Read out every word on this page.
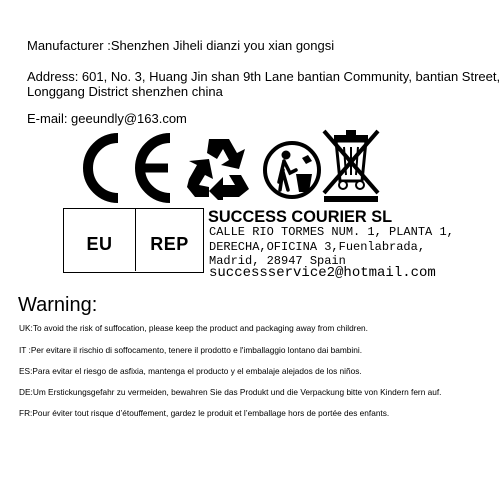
Manufacturer :Shenzhen Jiheli dianzi you xian gongsi
Address: 601, No. 3, Huang Jin shan 9th Lane bantian Community, bantian Street,
Longgang District shenzhen china
E-mail: geeundly@163.com
EU REP
SUCCESS COURIER SL
CALLE RIO TORMES NUM. 1, PLANTA 1,
DERECHA,OFICINA 3,Fuenlabrada,
Madrid, 28947 Spain
successservice2@hotmail.com
Warning:
UK:To avoid the risk of suffocation, please keep the product and packaging away from children.
IT :Per evitare il rischio di soffocamento, tenere il prodotto e l'imballaggio lontano dai bambini.
ES:Para evitar el riesgo de asfixia, mantenga el producto y el embalaje alejados de los niños.
DE:Um Erstickungsgefahr zu vermeiden, bewahren Sie das Produkt und die Verpackung bitte von Kindern fern auf.
FR:Pour éviter tout risque d’étouffement, gardez le produit et l’emballage hors de portée des enfants.
